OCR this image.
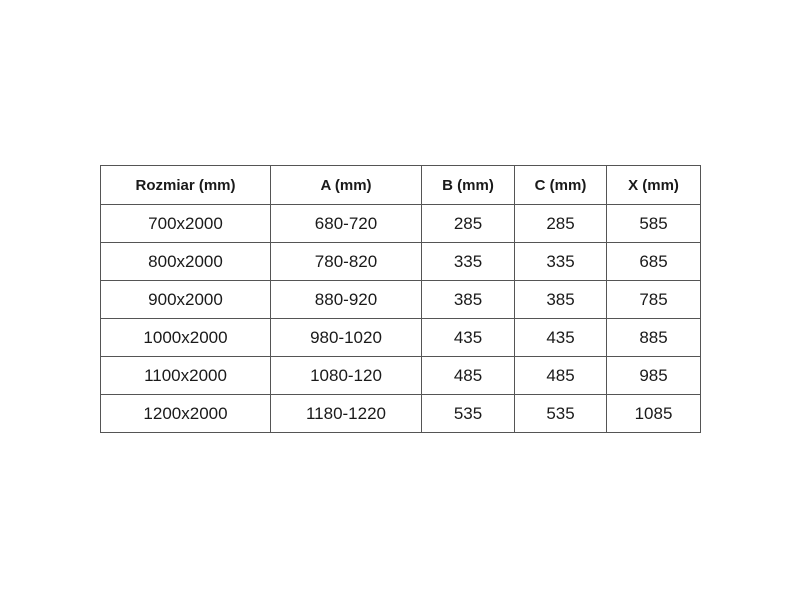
Rozmiar (mm)	A (mm)	B (mm)	C (mm)	X (mm)
700x2000	680-720	285	285	585
800x2000	780-820	335	335	685
900x2000	880-920	385	385	785
1000x2000	980-1020	435	435	885
1100x2000	1080-120	485	485	985
1200x2000	1180-1220	535	535	1085
